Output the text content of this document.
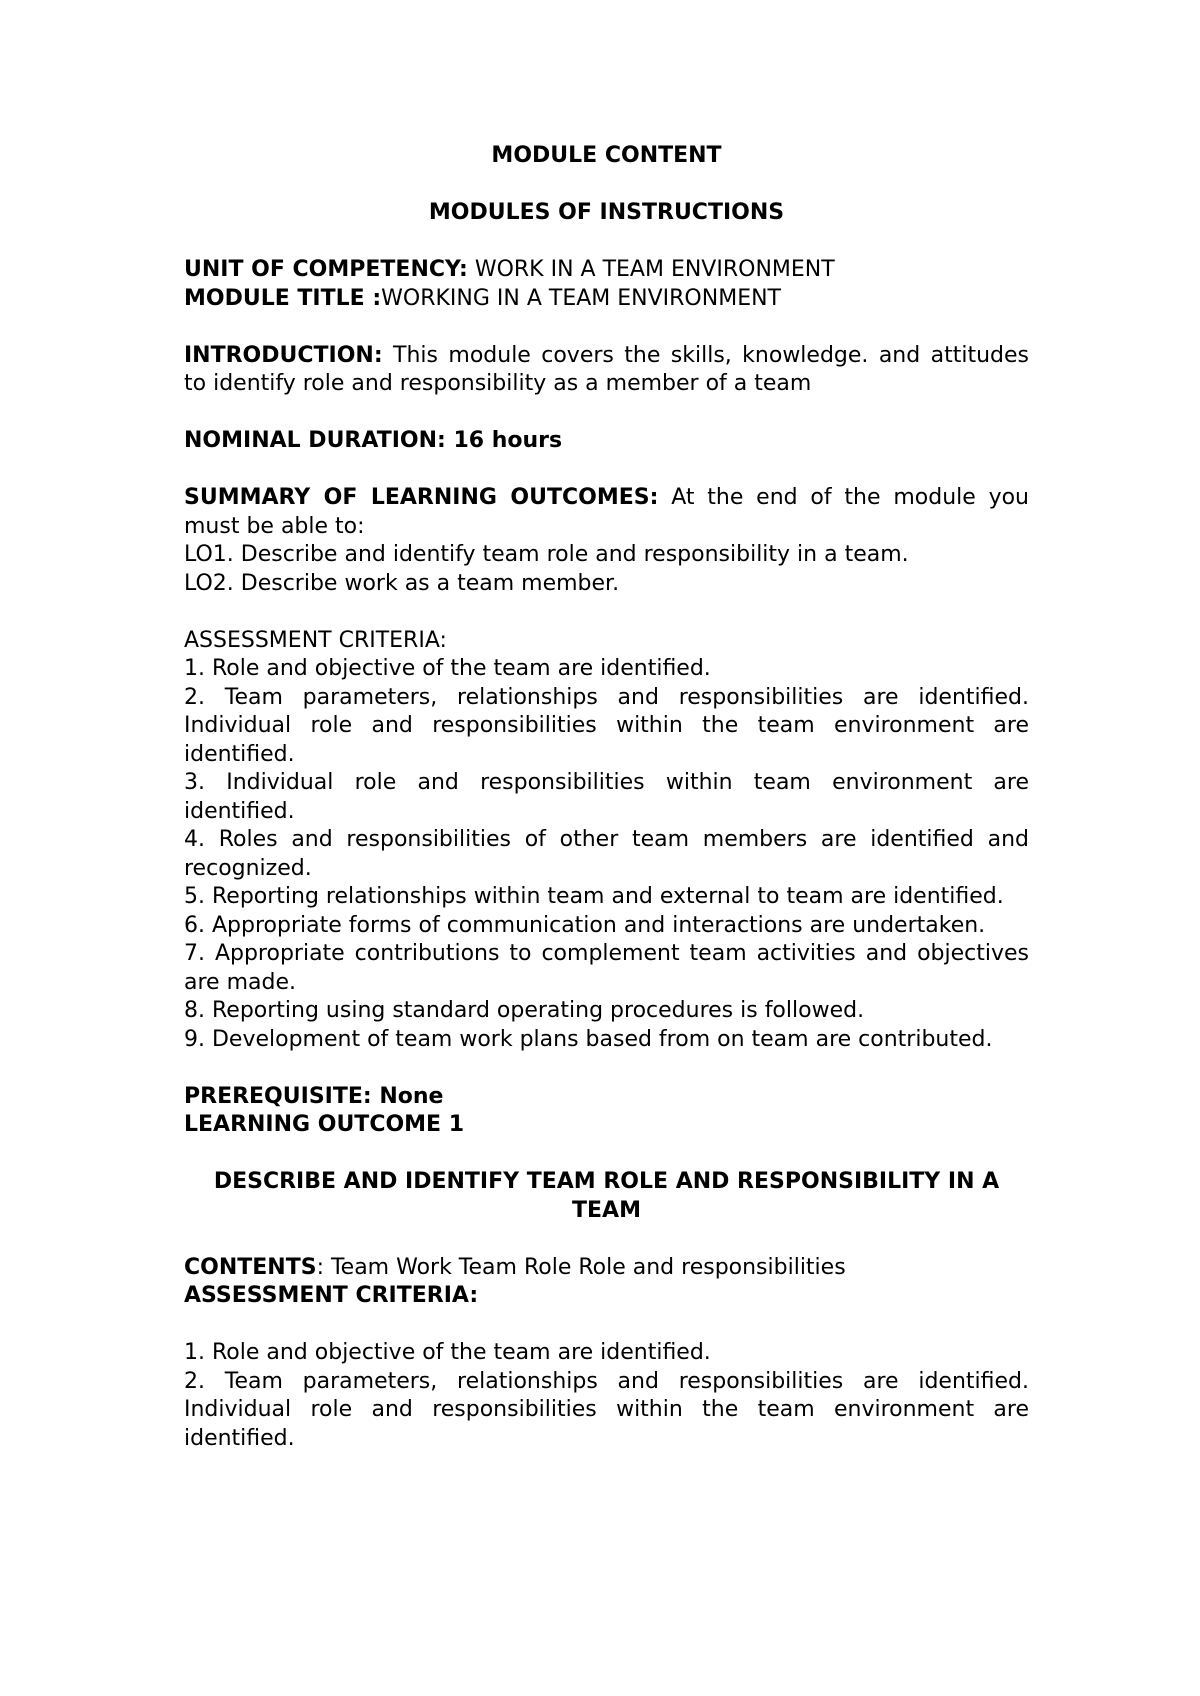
MODULE CONTENT

MODULES OF INSTRUCTIONS

UNIT OF COMPETENCY: WORK IN A TEAM ENVIRONMENT

MODULE TITLE :WORKING IN A TEAM ENVIRONMENT

INTRODUCTION: This module covers the skills, knowledge. and attitudes to identify role and responsibility as a member of a team

NOMINAL DURATION: 16 hours

SUMMARY OF LEARNING OUTCOMES: At the end of the module you must be able to:

LO1. Describe and identify team role and responsibility in a team.

LO2. Describe work as a team member.

ASSESSMENT CRITERIA:

1. Role and objective of the team are identified.

2. Team parameters, relationships and responsibilities are identified. Individual role and responsibilities within the team environment are identified.

3. Individual role and responsibilities within team environment are identified.

4. Roles and responsibilities of other team members are identified and recognized.

5. Reporting relationships within team and external to team are identified.

6. Appropriate forms of communication and interactions are undertaken.

7. Appropriate contributions to complement team activities and objectives are made.

8. Reporting using standard operating procedures is followed.

9. Development of team work plans based from on team are contributed.

PREREQUISITE: None

LEARNING OUTCOME 1

DESCRIBE AND IDENTIFY TEAM ROLE AND RESPONSIBILITY IN A TEAM

CONTENTS: Team Work Team Role Role and responsibilities

ASSESSMENT CRITERIA:

1. Role and objective of the team are identified.

2. Team parameters, relationships and responsibilities are identified. Individual role and responsibilities within the team environment are identified.
